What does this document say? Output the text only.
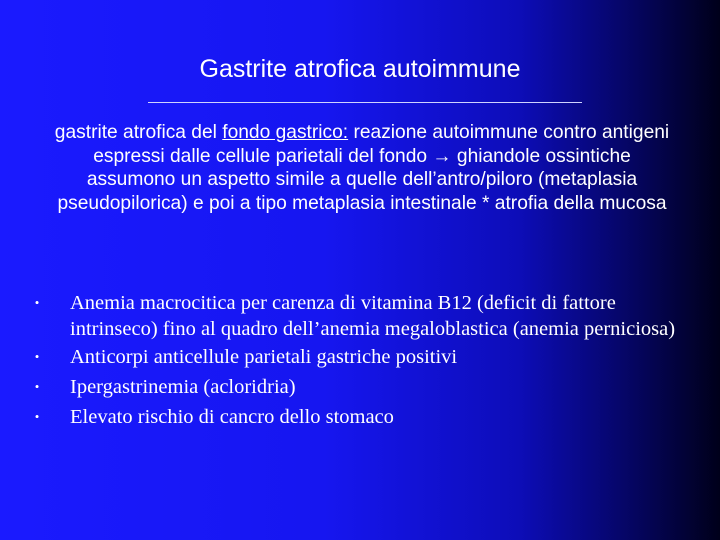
Gastrite atrofica autoimmune
gastrite atrofica del fondo gastrico: reazione autoimmune contro antigeni espressi dalle cellule parietali del fondo → ghiandole ossintiche assumono un aspetto simile a quelle dell’antro/piloro (metaplasia pseudopilorica) e poi a tipo metaplasia intestinale * atrofia della mucosa
• Anemia macrocitica per carenza di vitamina B12 (deficit di fattore intrinseco) fino al quadro dell’anemia megaloblastica (anemia perniciosa)
• Anticorpi anticellule parietali gastriche positivi
• Ipergastrinemia (acloridria)
• Elevato rischio di cancro dello stomaco
